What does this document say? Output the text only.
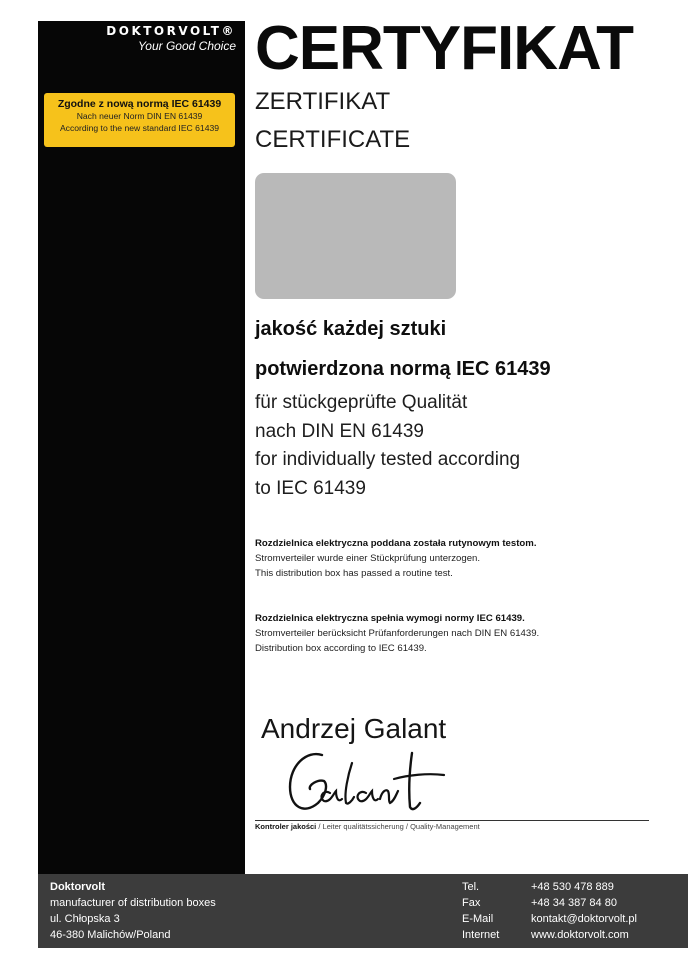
DOKTORVOLT®
Your Good Choice
Zgodne z nową normą IEC 61439
Nach neuer Norm DIN EN 61439
According to the new standard IEC 61439
CERTYFIKAT
ZERTIFIKAT
CERTIFICATE
jakość każdej sztuki
potwierdzona normą IEC 61439
für stückgeprüfte Qualität
nach DIN EN 61439
for individually tested according
to IEC 61439
Rozdzielnica elektryczna poddana została rutynowym testom.
Stromverteiler wurde einer Stückprüfung unterzogen.
This distribution box has passed a routine test.
Rozdzielnica elektryczna spełnia wymogi normy IEC 61439.
Stromverteiler berücksicht Prüfanforderungen nach DIN EN 61439.
Distribution box according to IEC 61439.
Andrzej Galant
Kontroler jakości / Leiter qualitätssicherung / Quality-Management
Doktorvolt
manufacturer of distribution boxes
ul. Chłopska 3
46-380 Malichów/Poland
Tel.
Fax
E-Mail
Internet
+48 530 478 889
+48 34 387 84 80
kontakt@doktorvolt.pl
www.doktorvolt.com
